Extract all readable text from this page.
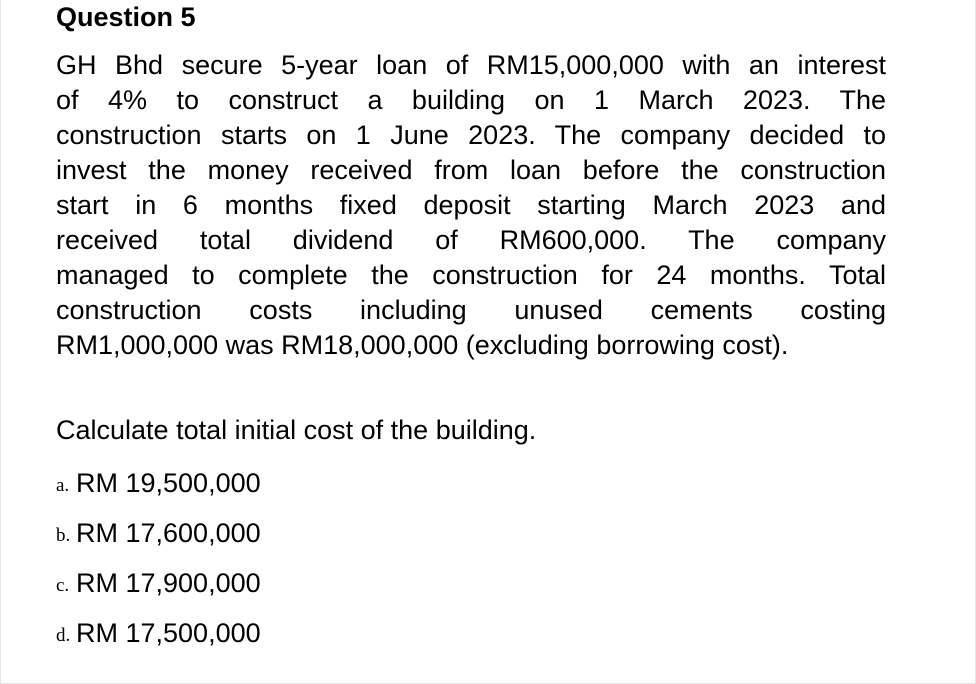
Question 5
GH Bhd secure 5-year loan of RM15,000,000 with an interest
of 4% to construct a building on 1 March 2023. The
construction starts on 1 June 2023. The company decided to
invest the money received from loan before the construction
start in 6 months fixed deposit starting March 2023 and
received total dividend of RM600,000. The company
managed to complete the construction for 24 months. Total
construction costs including unused cements costing
RM1,000,000 was RM18,000,000 (excluding borrowing cost).

Calculate total initial cost of the building.

a. RM 19,500,000
b. RM 17,600,000
c. RM 17,900,000
d. RM 17,500,000
